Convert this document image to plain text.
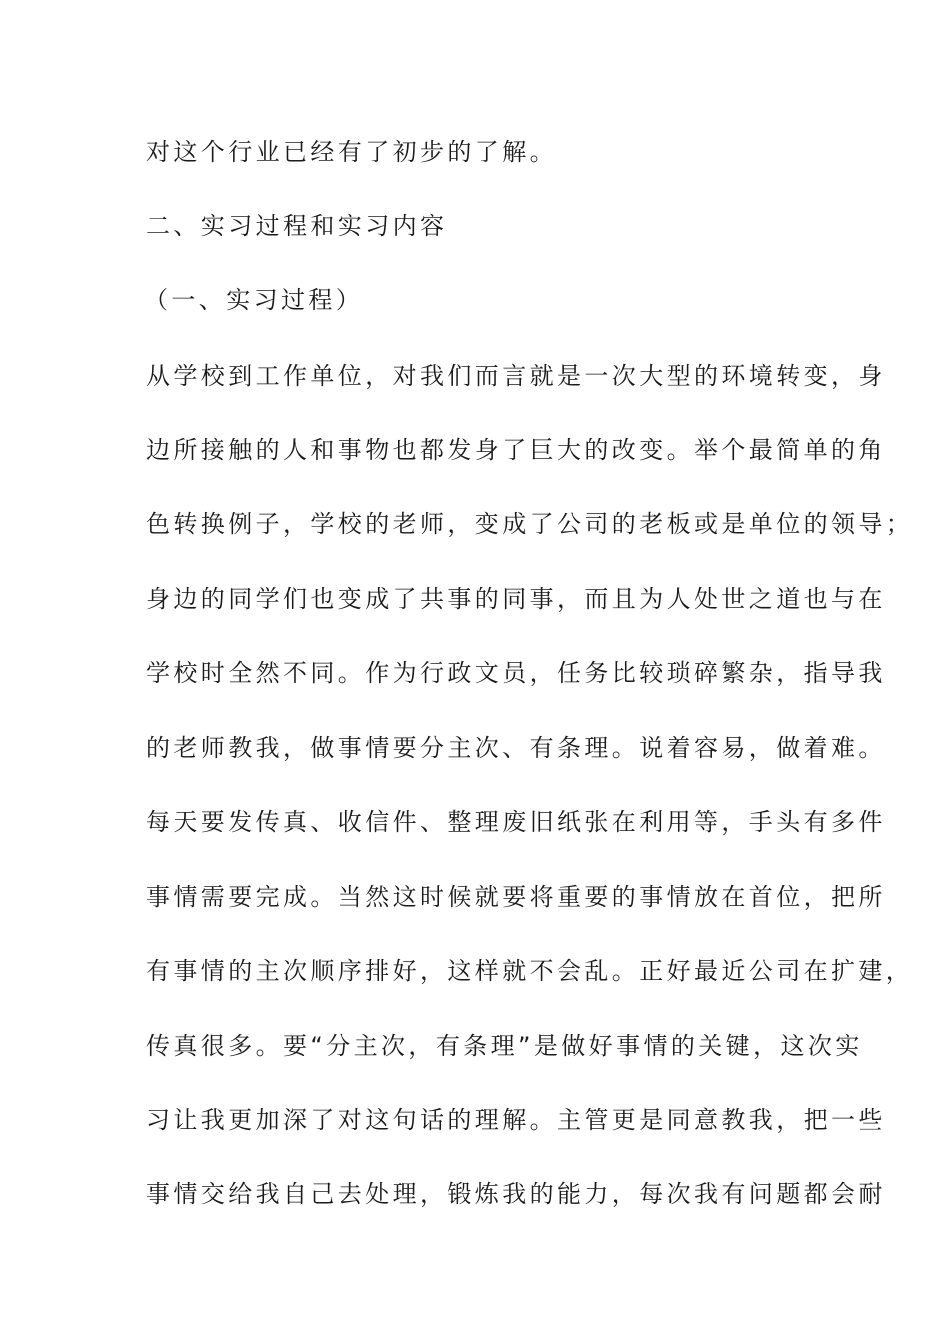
对这个行业已经有了初步的了解。
二、实习过程和实习内容
（一、实习过程）
从学校到工作单位，对我们而言就是一次大型的环境转变，身
边所接触的人和事物也都发身了巨大的改变。举个最简单的角
色转换例子，学校的老师，变成了公司的老板或是单位的领导；
身边的同学们也变成了共事的同事，而且为人处世之道也与在
学校时全然不同。作为行政文员，任务比较琐碎繁杂，指导我
的老师教我，做事情要分主次、有条理。说着容易，做着难。
每天要发传真、收信件、整理废旧纸张在利用等，手头有多件
事情需要完成。当然这时候就要将重要的事情放在首位，把所
有事情的主次顺序排好，这样就不会乱。正好最近公司在扩建，
传真很多。要“分主次，有条理”是做好事情的关键，这次实
习让我更加深了对这句话的理解。主管更是同意教我，把一些
事情交给我自己去处理，锻炼我的能力，每次我有问题都会耐
